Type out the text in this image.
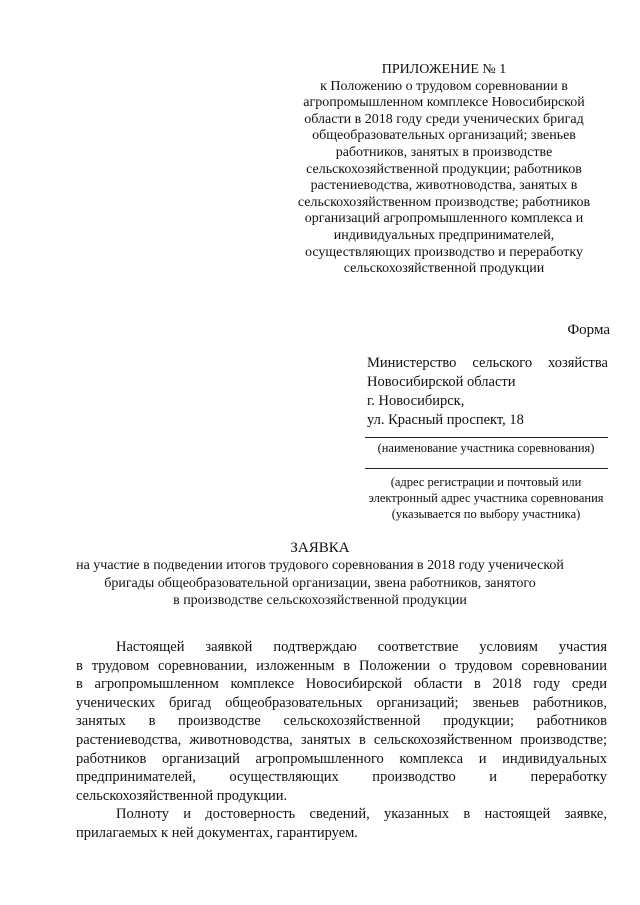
ПРИЛОЖЕНИЕ № 1
к Положению о трудовом соревновании в
агропромышленном комплексе Новосибирской
области в 2018 году среди ученических бригад
общеобразовательных организаций; звеньев
работников, занятых в производстве
сельскохозяйственной продукции; работников
растениеводства, животноводства, занятых в
сельскохозяйственном производстве; работников
организаций агропромышленного комплекса и
индивидуальных предпринимателей,
осуществляющих производство и переработку
сельскохозяйственной продукции
Форма
Министерство сельского хозяйства
Новосибирской области
г. Новосибирск,
ул. Красный проспект, 18
(наименование участника соревнования)
(адрес регистрации и почтовый или
электронный адрес участника соревнования
(указывается по выбору участника)
ЗАЯВКА
на участие в подведении итогов трудового соревнования в 2018 году ученической
бригады общеобразовательной организации, звена работников, занятого
в производстве сельскохозяйственной продукции
Настоящей заявкой подтверждаю соответствие условиям участия
в трудовом соревновании, изложенным в Положении о трудовом соревновании
в агропромышленном комплексе Новосибирской области в 2018 году среди
ученических бригад общеобразовательных организаций; звеньев работников,
занятых в производстве сельскохозяйственной продукции; работников
растениеводства, животноводства, занятых в сельскохозяйственном производстве;
работников организаций агропромышленного комплекса и индивидуальных
предпринимателей, осуществляющих производство и переработку
сельскохозяйственной продукции.
Полноту и достоверность сведений, указанных в настоящей заявке,
прилагаемых к ней документах, гарантируем.
